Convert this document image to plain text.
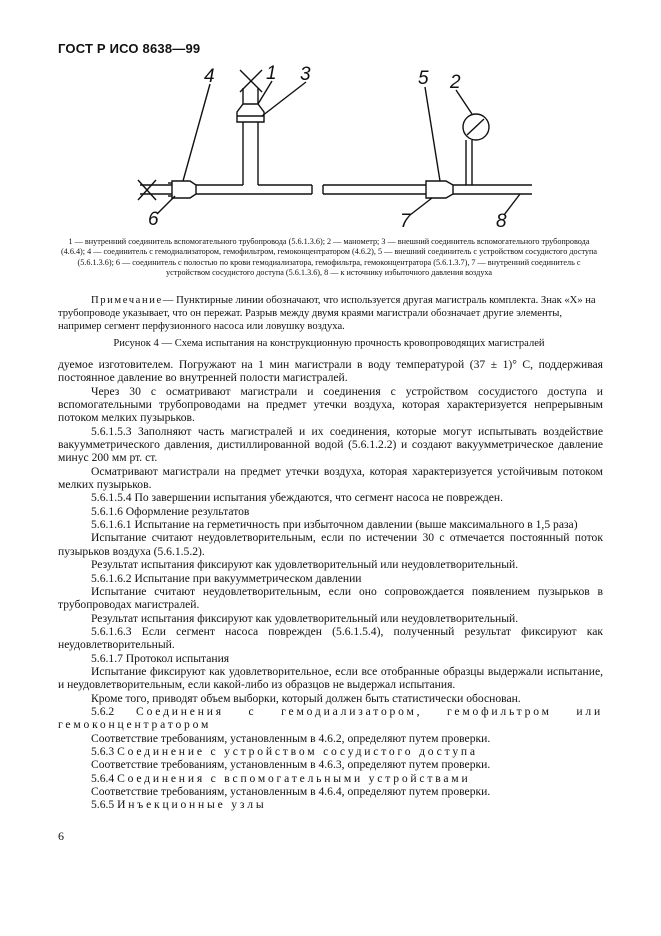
ГОСТ Р ИСО 8638—99
4	1 3	5 2
6	7	8
1 — внутренний соединитель вспомогательного трубопровода (5.6.1.3.6); 2 — манометр; 3 — внешний соединитель вспомогательного трубопровода (4.6.4); 4 — соединитель с гемодиализатором, гемофильтром, гемоконцентратором (4.6.2), 5 — внешний соединитель с устройством сосудистого доступа (5.6.1.3.6); 6 — соединитель с полостью по крови гемодиализатора, гемофильтра, гемоконцентратора (5.6.1.3.7), 7 — внутренний соединитель с устройством сосудистого доступа (5.6.1.3.6), 8 — к источнику избыточного давления воздуха
Примечание— Пунктирные линии обозначают, что используется другая магистраль комплекта. Знак «Х» на трубопроводе указывает, что он пережат. Разрыв между двумя краями магистрали обозначает другие элементы, например сегмент перфузионного насоса или ловушку воздуха.
Рисунок 4 — Схема испытания на конструкционную прочность кровопроводящих магистралей

дуемое изготовителем. Погружают на 1 мин магистрали в воду температурой (37 ± 1)° С, поддерживая постоянное давление во внутренней полости магистралей.

Через 30 с осматривают магистрали и соединения с устройством сосудистого доступа и вспомогательными трубопроводами на предмет утечки воздуха, которая характеризуется непрерывным потоком мелких пузырьков.

5.6.1.5.3 Заполняют часть магистралей и их соединения, которые могут испытывать воздействие вакуумметрического давления, дистиллированной водой (5.6.1.2.2) и создают вакуумметрическое давление минус 200 мм рт. ст.

Осматривают магистрали на предмет утечки воздуха, которая характеризуется устойчивым потоком мелких пузырьков.

5.6.1.5.4 По завершении испытания убеждаются, что сегмент насоса не поврежден.

5.6.1.6 Оформление результатов

5.6.1.6.1 Испытание на герметичность при избыточном давлении (выше максимального в 1,5 раза)

Испытание считают неудовлетворительным, если по истечении 30 с отмечается постоянный поток пузырьков воздуха (5.6.1.5.2).

Результат испытания фиксируют как удовлетворительный или неудовлетворительный.

5.6.1.6.2 Испытание при вакуумметрическом давлении

Испытание считают неудовлетворительным, если оно сопровождается появлением пузырьков в трубопроводах магистралей.

Результат испытания фиксируют как удовлетворительный или неудовлетворительный.

5.6.1.6.3 Если сегмент насоса поврежден (5.6.1.5.4), полученный результат фиксируют как неудовлетворительный.

5.6.1.7 Протокол испытания

Испытание фиксируют как удовлетворительное, если все отобранные образцы выдержали испытание, и неудовлетворительным, если какой-либо из образцов не выдержал испытания.

Кроме того, приводят объем выборки, который должен быть статистически обоснован.

5.6.2 Соединения с гемодиализатором, гемофильтром или гемоконцентратором

Соответствие требованиям, установленным в 4.6.2, определяют путем проверки.

5.6.3 Соединение с устройством сосудистого доступа

Соответствие требованиям, установленным в 4.6.3, определяют путем проверки.

5.6.4 Соединения с вспомогательными устройствами

Соответствие требованиям, установленным в 4.6.4, определяют путем проверки.

5.6.5 Инъекционные узлы

6
